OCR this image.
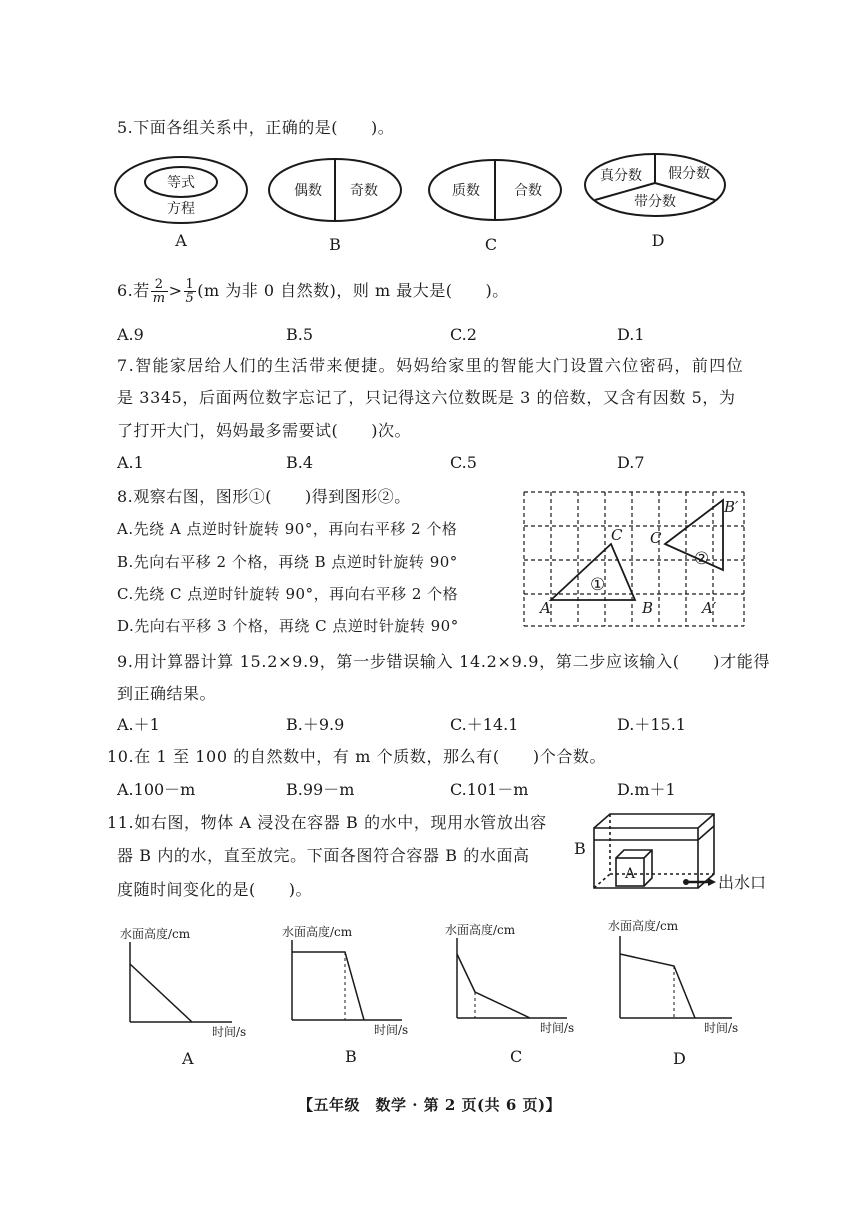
5.下面各组关系中，正确的是(　　)。
等式
方程
A
偶数 奇数
B
质数 合数
C
真分数 假分数
带分数
D
6.若 $\frac{2}{m} > \frac{1}{5} (m$ 为非 0 自然数)，则 m 最大是(　　)。
A.9	B.5	C.2	D.1
7.智能家居给人们的生活带来便捷。妈妈给家里的智能大门设置六位密码，前四位
是 3345，后面两位数字忘记了，只记得这六位数既是 3 的倍数，又含有因数 5，为
了打开大门，妈妈最多需要试(　　)次。
A.1	B.4	C.5	D.7
8.观察右图，图形①(　　)得到图形②。
A.先绕 A 点逆时针旋转 90°，再向右平移 2 个格
B.先向右平移 2 个格，再绕 B 点逆时针旋转 90°
C.先绕 C 点逆时针旋转 90°，再向右平移 2 个格
D.先向右平移 3 个格，再绕 C 点逆时针旋转 90°
A	B
C C
A′
B′
①
②
9.用计算器计算 15.2×9.9，第一步错误输入 14.2×9.9，第二步应该输入(　　)才能得
到正确结果。
A.＋1	B.＋9.9	C.＋14.1	D.＋15.1
10.在 1 至 100 的自然数中，有 m 个质数，那么有(　　)个合数。
A.100－m	B.99－m	C.101－m	D.m＋1
11.如右图，物体 A 浸没在容器 B 的水中，现用水管放出容
器 B 内的水，直至放完。下面各图符合容器 B 的水面高
度随时间变化的是(　　)。
B
A	出水口
水面高度/cm
时间/s
A
水面高度/cm
时间/s
B
水面高度/cm
时间/s
C
水面高度/cm
时间/s
D
【五年级　数学 · 第 2 页(共 6 页)】
